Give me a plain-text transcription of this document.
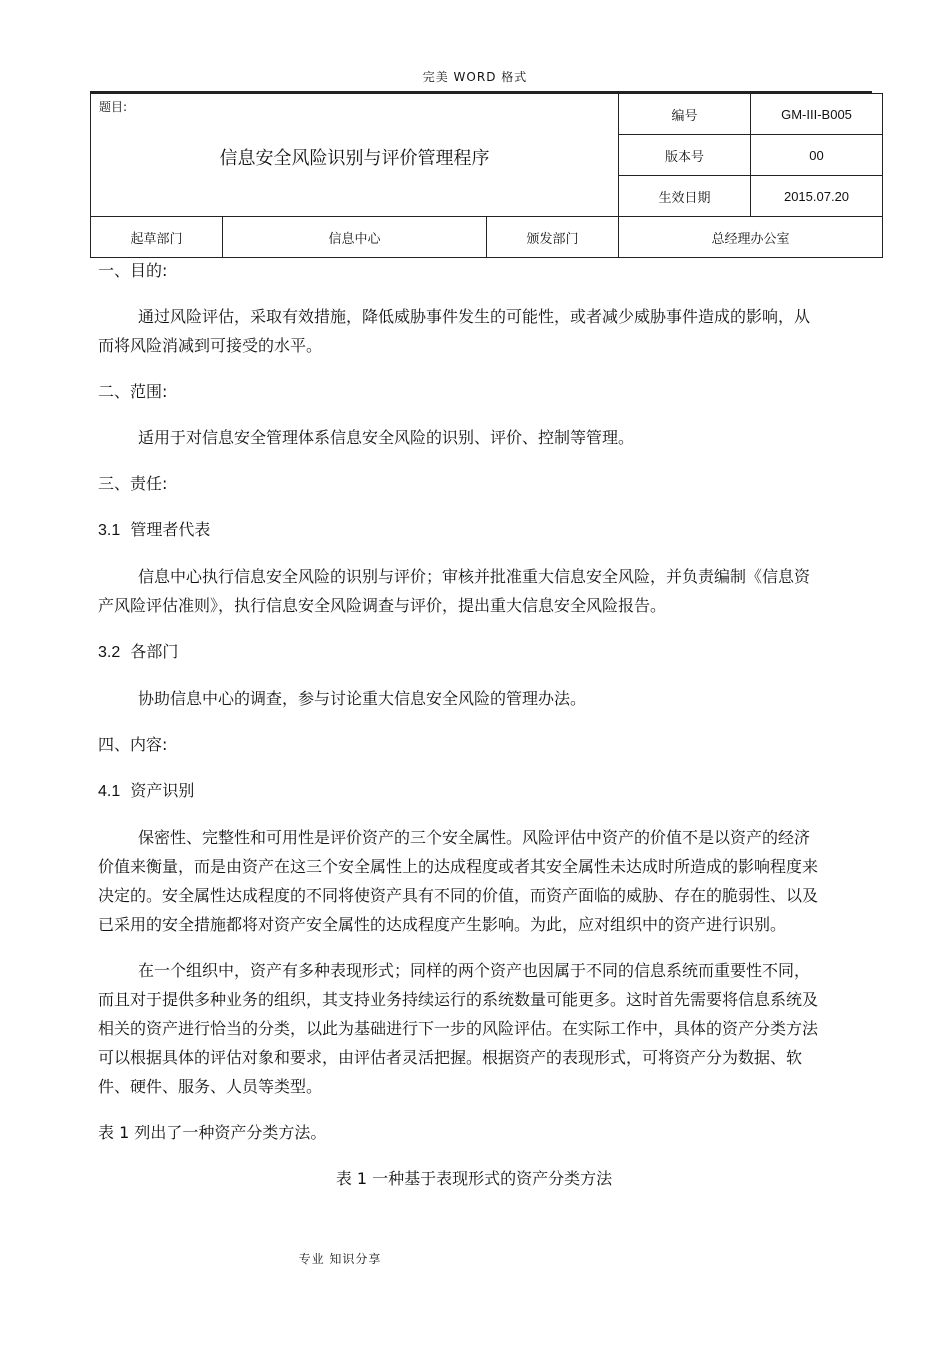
完美 WORD 格式
题目:
信息安全风险识别与评价管理程序			编号	GM-III-B005
			版本号	00
			生效日期	2015.07.20
起草部门	信息中心	颁发部门	总经理办公室	

一、目的:

通过风险评估，采取有效措施，降低威胁事件发生的可能性，或者减少威胁事件造成的影响，从而将风险消减到可接受的水平。

二、范围:

适用于对信息安全管理体系信息安全风险的识别、评价、控制等管理。

三、责任:

3.1 管理者代表

信息中心执行信息安全风险的识别与评价；审核并批准重大信息安全风险，并负责编制《信息资产风险评估准则》，执行信息安全风险调查与评价，提出重大信息安全风险报告。

3.2 各部门

协助信息中心的调查，参与讨论重大信息安全风险的管理办法。

四、内容:

4.1 资产识别

保密性、完整性和可用性是评价资产的三个安全属性。风险评估中资产的价值不是以资产的经济价值来衡量，而是由资产在这三个安全属性上的达成程度或者其安全属性未达成时所造成的影响程度来决定的。安全属性达成程度的不同将使资产具有不同的价值，而资产面临的威胁、存在的脆弱性、以及已采用的安全措施都将对资产安全属性的达成程度产生影响。为此，应对组织中的资产进行识别。

在一个组织中，资产有多种表现形式；同样的两个资产也因属于不同的信息系统而重要性不同，而且对于提供多种业务的组织，其支持业务持续运行的系统数量可能更多。这时首先需要将信息系统及相关的资产进行恰当的分类，以此为基础进行下一步的风险评估。在实际工作中，具体的资产分类方法可以根据具体的评估对象和要求，由评估者灵活把握。根据资产的表现形式，可将资产分为数据、软件、硬件、服务、人员等类型。

表 1 列出了一种资产分类方法。

表 1 一种基于表现形式的资产分类方法

专业 知识分享
